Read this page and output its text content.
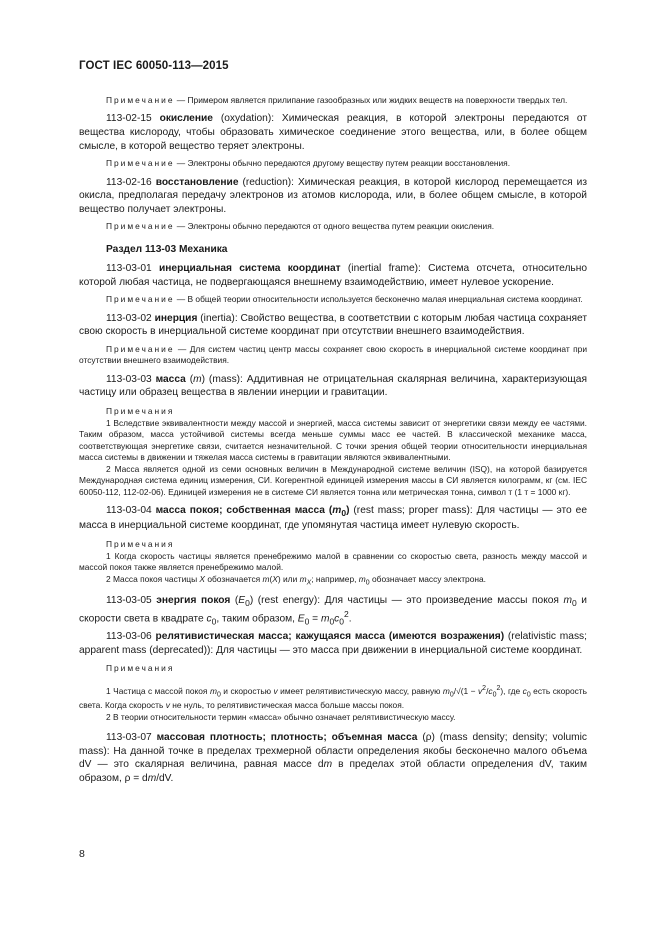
ГОСТ IEC 60050-113—2015

Примечание — Примером является прилипание газообразных или жидких веществ на поверхности твердых тел.

113-02-15 окисление (oxydation): Химическая реакция, в которой электроны передаются от вещества кислороду, чтобы образовать химическое соединение этого вещества, или, в более общем смысле, в которой вещество теряет электроны.

Примечание — Электроны обычно передаются другому веществу путем реакции восстановления.

113-02-16 восстановление (reduction): Химическая реакция, в которой кислород перемещается из окисла, предполагая передачу электронов из атомов кислорода, или, в более общем смысле, в которой вещество получает электроны.

Примечание — Электроны обычно передаются от одного вещества путем реакции окисления.

Раздел 113-03 Механика

113-03-01 инерциальная система координат (inertial frame): Система отсчета, относительно которой любая частица, не подвергающаяся внешнему взаимодействию, имеет нулевое ускорение.

Примечание — В общей теории относительности используется бесконечно малая инерциальная система координат.

113-03-02 инерция (inertia): Свойство вещества, в соответствии с которым любая частица сохраняет свою скорость в инерциальной системе координат при отсутствии внешнего взаимодействия.

Примечание — Для систем частиц центр массы сохраняет свою скорость в инерциальной системе координат при отсутствии внешнего взаимодействия.

113-03-03 масса (m) (mass): Аддитивная не отрицательная скалярная величина, характеризующая частицу или образец вещества в явлении инерции и гравитации.

Примечания

1 Вследствие эквивалентности между массой и энергией, масса системы зависит от энергетики связи между ее частями. Таким образом, масса устойчивой системы всегда меньше суммы масс ее частей. В классической механике масса, соответствующая энергетике связи, считается незначительной. С точки зрения общей теории относительности инерциальная масса системы в движении и тяжелая масса системы в гравитации являются эквивалентными.

2 Масса является одной из семи основных величин в Международной системе величин (ISQ), на которой базируется Международная система единиц измерения, СИ. Когерентной единицей измерения массы в СИ является килограмм, кг (см. IEC 60050-112, 112-02-06). Единицей измерения не в системе СИ является тонна или метрическая тонна, символ т (1 т = 1000 кг).

113-03-04 масса покоя; собственная масса $(m_0)$ (rest mass; proper mass): Для частицы — это ее масса в инерциальной системе координат, где упомянутая частица имеет нулевую скорость.

Примечания

1 Когда скорость частицы является пренебрежимо малой в сравнении со скоростью света, разность между массой и массой покоя также является пренебрежимо малой.

2 Масса покоя частицы X обозначается m(X) или $m_X$; например, $m_0$ обозначает массу электрона.

113-03-05 энергия покоя $(E_0)$ (rest energy): Для частицы — это произведение массы покоя $m_0$ и скорости света в квадрате $c_0$, таким образом, $E_0 = m_0c_0^2$.

113-03-06 релятивистическая масса; кажущаяся масса (имеются возражения) (relativistic mass; apparent mass (deprecated)): Для частицы — это масса при движении в инерциальной системе координат.

Примечания

1 Частица с массой покоя $m_0$ и скоростью v имеет релятивистическую массу, равную $m_0/√(1 - v^2/c_0^2)$, где $c_0$ есть скорость света. Когда скорость v не нуль, то релятивистическая масса больше массы покоя.

2 В теории относительности термин «масса» обычно означает релятивистическую массу.

113-03-07 массовая плотность; плотность; объемная масса (ρ) (mass density; density; volumic mass): На данной точке в пределах трехмерной области определения якобы бесконечно малого объема dV — это скалярная величина, равная массе dm в пределах этой области определения dV, таким образом, ρ = dm/dV.

8
